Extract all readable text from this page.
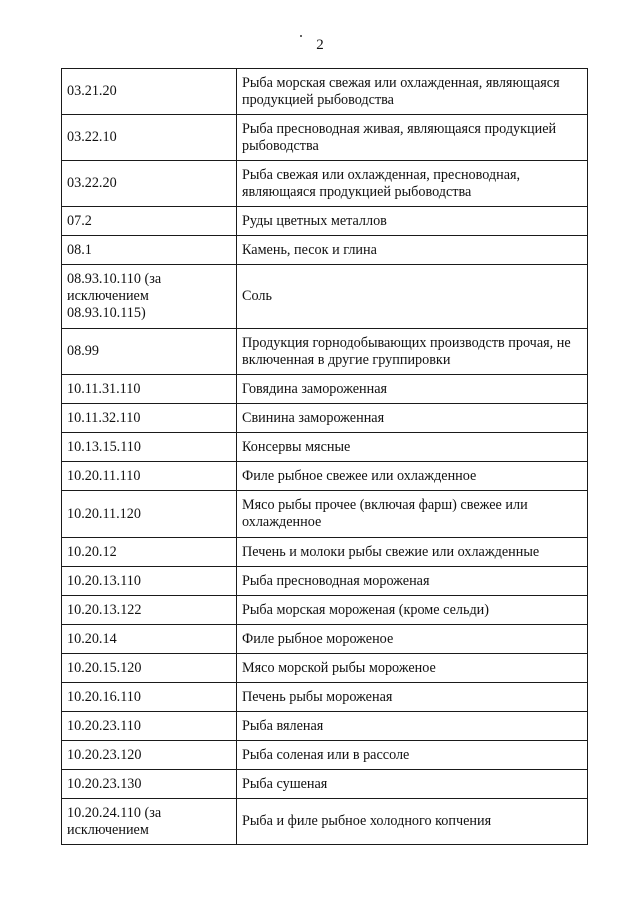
2
03.21.20	Рыба морская свежая или охлажденная, являющаяся продукцией рыбоводства
03.22.10	Рыба пресноводная живая, являющаяся продукцией рыбоводства
03.22.20	Рыба свежая или охлажденная, пресноводная, являющаяся продукцией рыбоводства
07.2	Руды цветных металлов
08.1	Камень, песок и глина
08.93.10.110 (за исключением 08.93.10.115)	Соль
08.99	Продукция горнодобывающих производств прочая, не включенная в другие группировки
10.11.31.110	Говядина замороженная
10.11.32.110	Свинина замороженная
10.13.15.110	Консервы мясные
10.20.11.110	Филе рыбное свежее или охлажденное
10.20.11.120	Мясо рыбы прочее (включая фарш) свежее или охлажденное
10.20.12	Печень и молоки рыбы свежие или охлажденные
10.20.13.110	Рыба пресноводная мороженая
10.20.13.122	Рыба морская мороженая (кроме сельди)
10.20.14	Филе рыбное мороженое
10.20.15.120	Мясо морской рыбы мороженое
10.20.16.110	Печень рыбы мороженая
10.20.23.110	Рыба вяленая
10.20.23.120	Рыба соленая или в рассоле
10.20.23.130	Рыба сушеная
10.20.24.110 (за исключением	Рыба и филе рыбное холодного копчения
